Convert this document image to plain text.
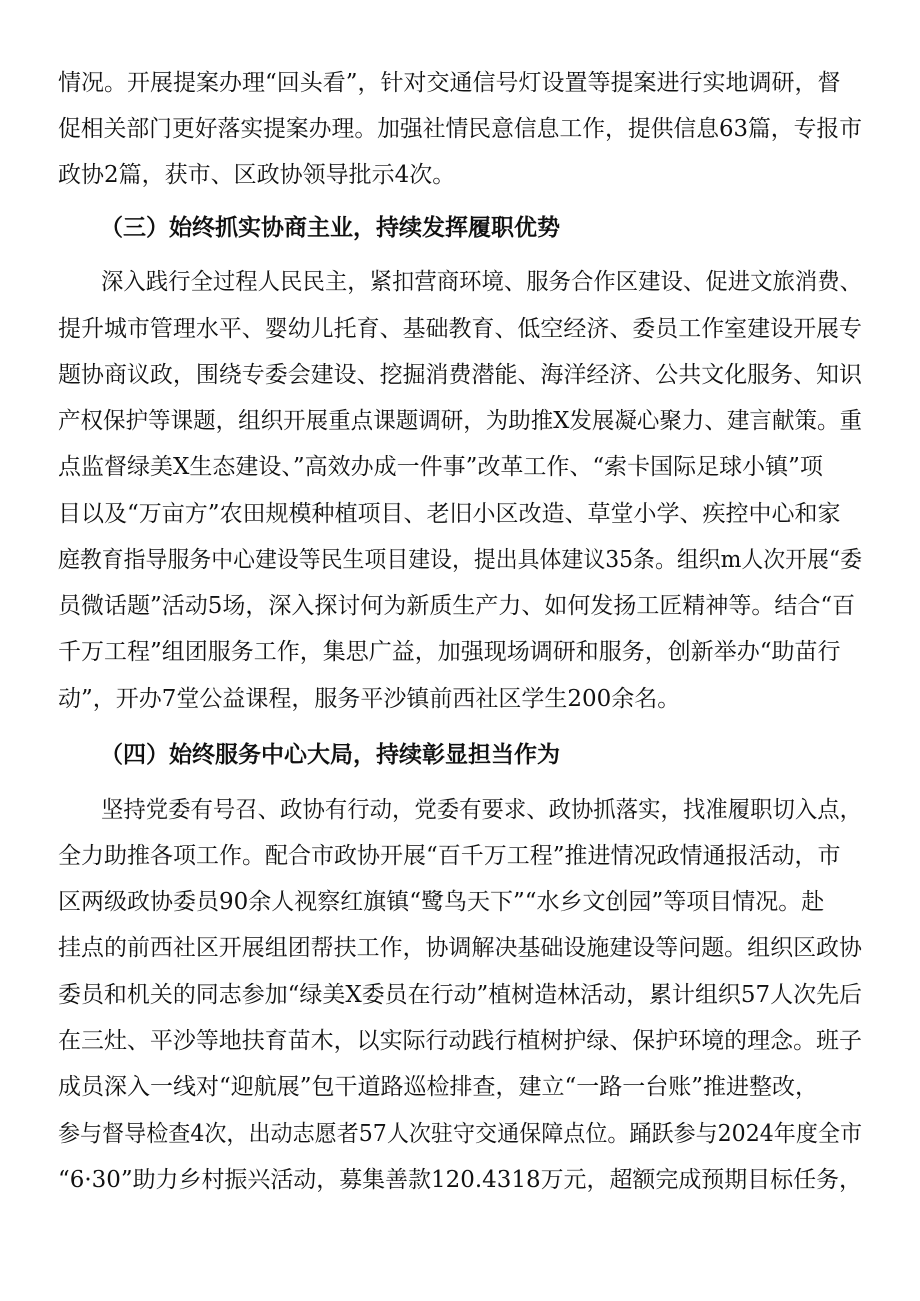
情况。开展提案办理“回头看”，针对交通信号灯设置等提案进行实地调研，督
促相关部门更好落实提案办理。加强社情民意信息工作，提供信息63篇，专报市
政协2篇，获市、区政协领导批示4次。
（三）始终抓实协商主业，持续发挥履职优势
深入践行全过程人民民主，紧扣营商环境、服务合作区建设、促进文旅消费、
提升城市管理水平、婴幼儿托育、基础教育、低空经济、委员工作室建设开展专
题协商议政，围绕专委会建设、挖掘消费潜能、海洋经济、公共文化服务、知识
产权保护等课题，组织开展重点课题调研，为助推X发展凝心聚力、建言献策。重
点监督绿美X生态建设、”高效办成一件事”改革工作、“索卡国际足球小镇”项
目以及“万亩方”农田规模种植项目、老旧小区改造、草堂小学、疾控中心和家
庭教育指导服务中心建设等民生项目建设，提出具体建议35条。组织m人次开展“委
员微话题”活动5场，深入探讨何为新质生产力、如何发扬工匠精神等。结合“百
千万工程”组团服务工作，集思广益，加强现场调研和服务，创新举办“助苗行
动”，开办7堂公益课程，服务平沙镇前西社区学生200余名。
（四）始终服务中心大局，持续彰显担当作为
坚持党委有号召、政协有行动，党委有要求、政协抓落实，找准履职切入点，
全力助推各项工作。配合市政协开展“百千万工程”推进情况政情通报活动，市
区两级政协委员90余人视察红旗镇“鹭鸟天下”“水乡文创园”等项目情况。赴
挂点的前西社区开展组团帮扶工作，协调解决基础设施建设等问题。组织区政协
委员和机关的同志参加“绿美X委员在行动”植树造林活动，累计组织57人次先后
在三灶、平沙等地扶育苗木，以实际行动践行植树护绿、保护环境的理念。班子
成员深入一线对“迎航展”包干道路巡检排查，建立“一路一台账”推进整改，
参与督导检查4次，出动志愿者57人次驻守交通保障点位。踊跃参与2024年度全市
“6·30”助力乡村振兴活动，募集善款120.4318万元，超额完成预期目标任务，
